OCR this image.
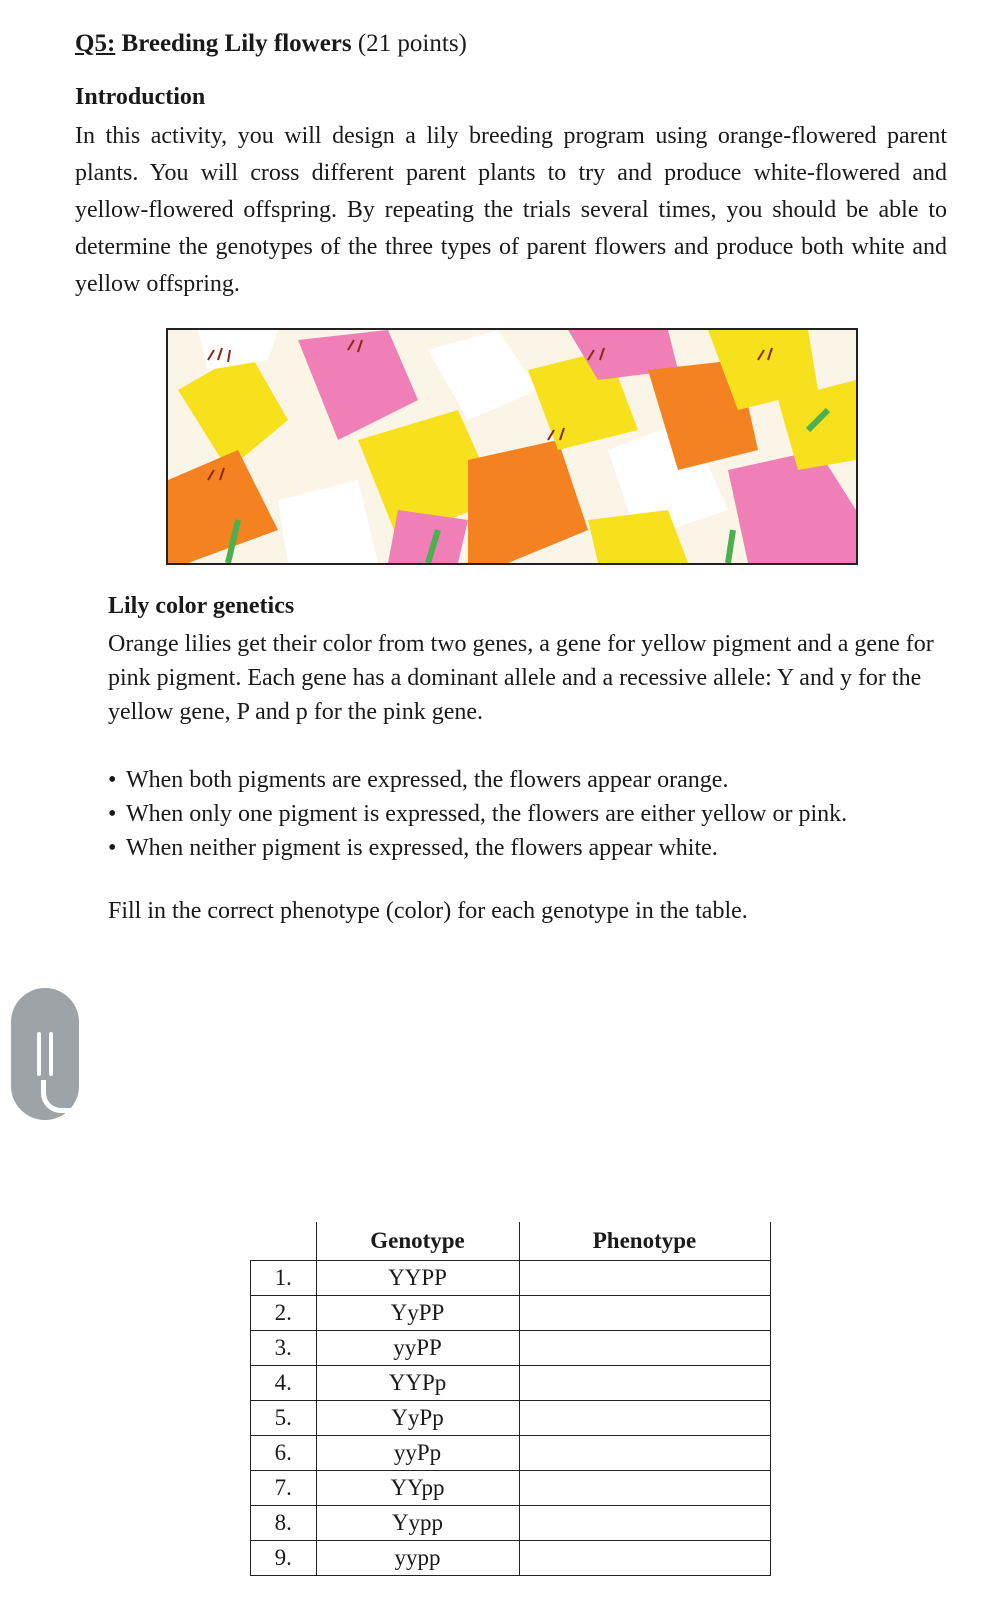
Q5: Breeding Lily flowers (21 points)
Introduction

In this activity, you will design a lily breeding program using orange-flowered parent plants. You will cross different parent plants to try and produce white-flowered and yellow-flowered offspring. By repeating the trials several times, you should be able to determine the genotypes of the three types of parent flowers and produce both white and yellow offspring.

Lily color genetics

Orange lilies get their color from two genes, a gene for yellow pigment and a gene for pink pigment. Each gene has a dominant allele and a recessive allele: Y and y for the yellow gene, P and p for the pink gene.

• When both pigments are expressed, the flowers appear orange.
• When only one pigment is expressed, the flowers are either yellow or pink.
• When neither pigment is expressed, the flowers appear white.
Fill in the correct phenotype (color) for each genotype in the table.
	Genotype	Phenotype
1.	YYPP	
2.	YyPP	
3.	yyPP	
4.	YYPp	
5.	YyPp	
6.	yyPp	
7.	YYpp	
8.	Yypp	
9.	yypp	
